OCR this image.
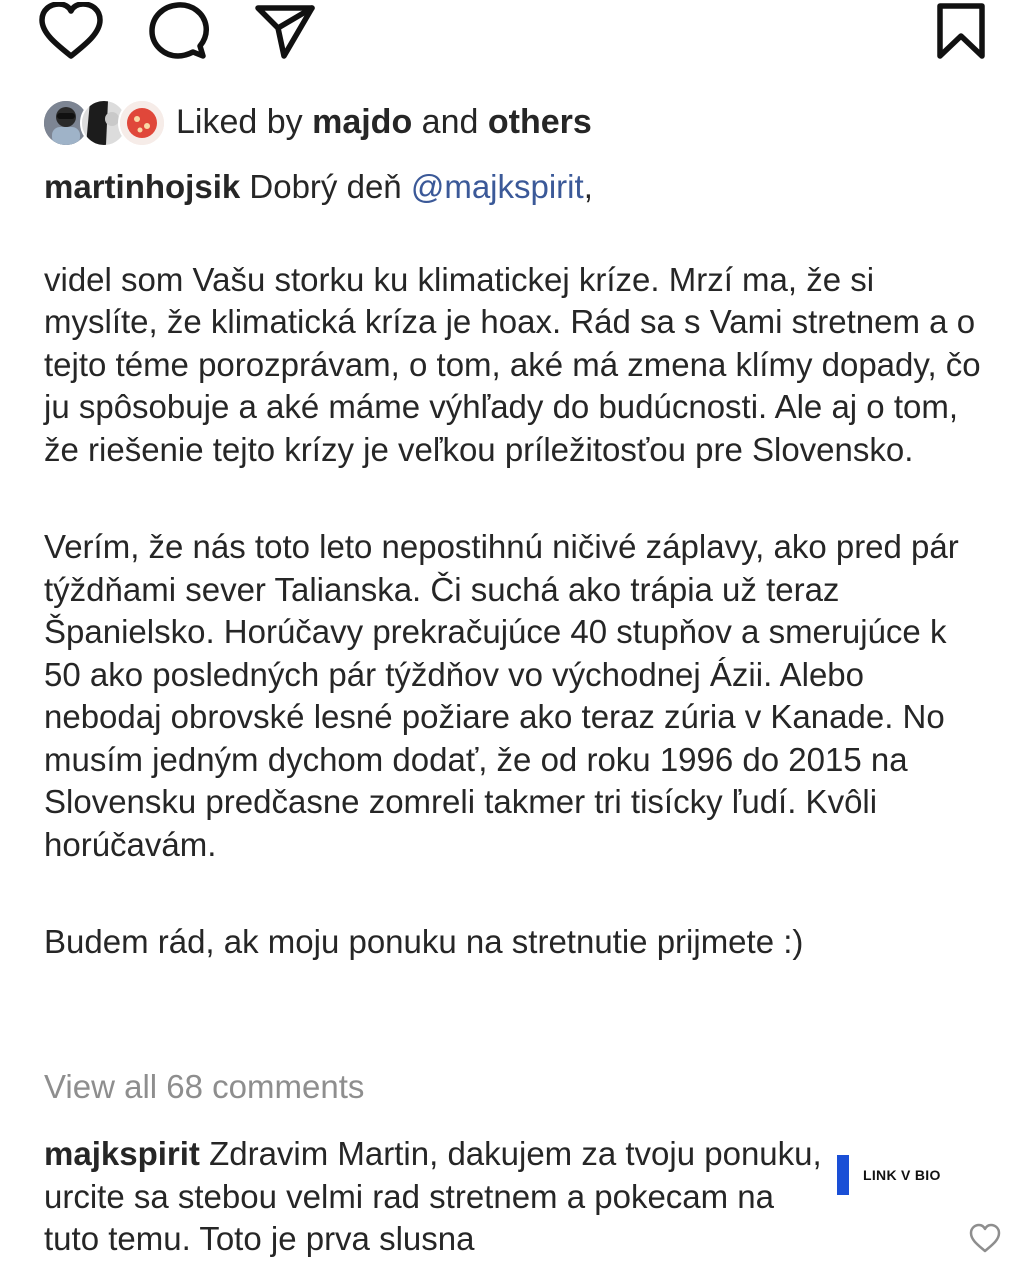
Liked by majdo and others

martinhojsik Dobrý deň @majkspirit,

videl som Vašu storku ku klimatickej kríze. Mrzí ma, že si myslíte, že klimatická kríza je hoax. Rád sa s Vami stretnem a o tejto téme porozprávam, o tom, aké má zmena klímy dopady, čo ju spôsobuje a aké máme výhľady do budúcnosti. Ale aj o tom, že riešenie tejto krízy je veľkou príležitosťou pre Slovensko.

Verím, že nás toto leto nepostihnú ničivé záplavy, ako pred pár týždňami sever Talianska. Či suchá ako trápia už teraz Španielsko. Horúčavy prekračujúce 40 stupňov a smerujúce k 50 ako posledných pár týždňov vo východnej Ázii. Alebo nebodaj obrovské lesné požiare ako teraz zúria v Kanade. No musím jedným dychom dodať, že od roku 1996 do 2015 na Slovensku predčasne zomreli takmer tri tisícky ľudí. Kvôli horúčavám.

Budem rád, ak moju ponuku na stretnutie prijmete :)

View all 68 comments
majkspirit Zdravim Martin, dakujem za tvoju ponuku, urcite sa stebou velmi rad stretnem a pokecam na tuto temu. Toto je prva slusna
LINK V BIO
